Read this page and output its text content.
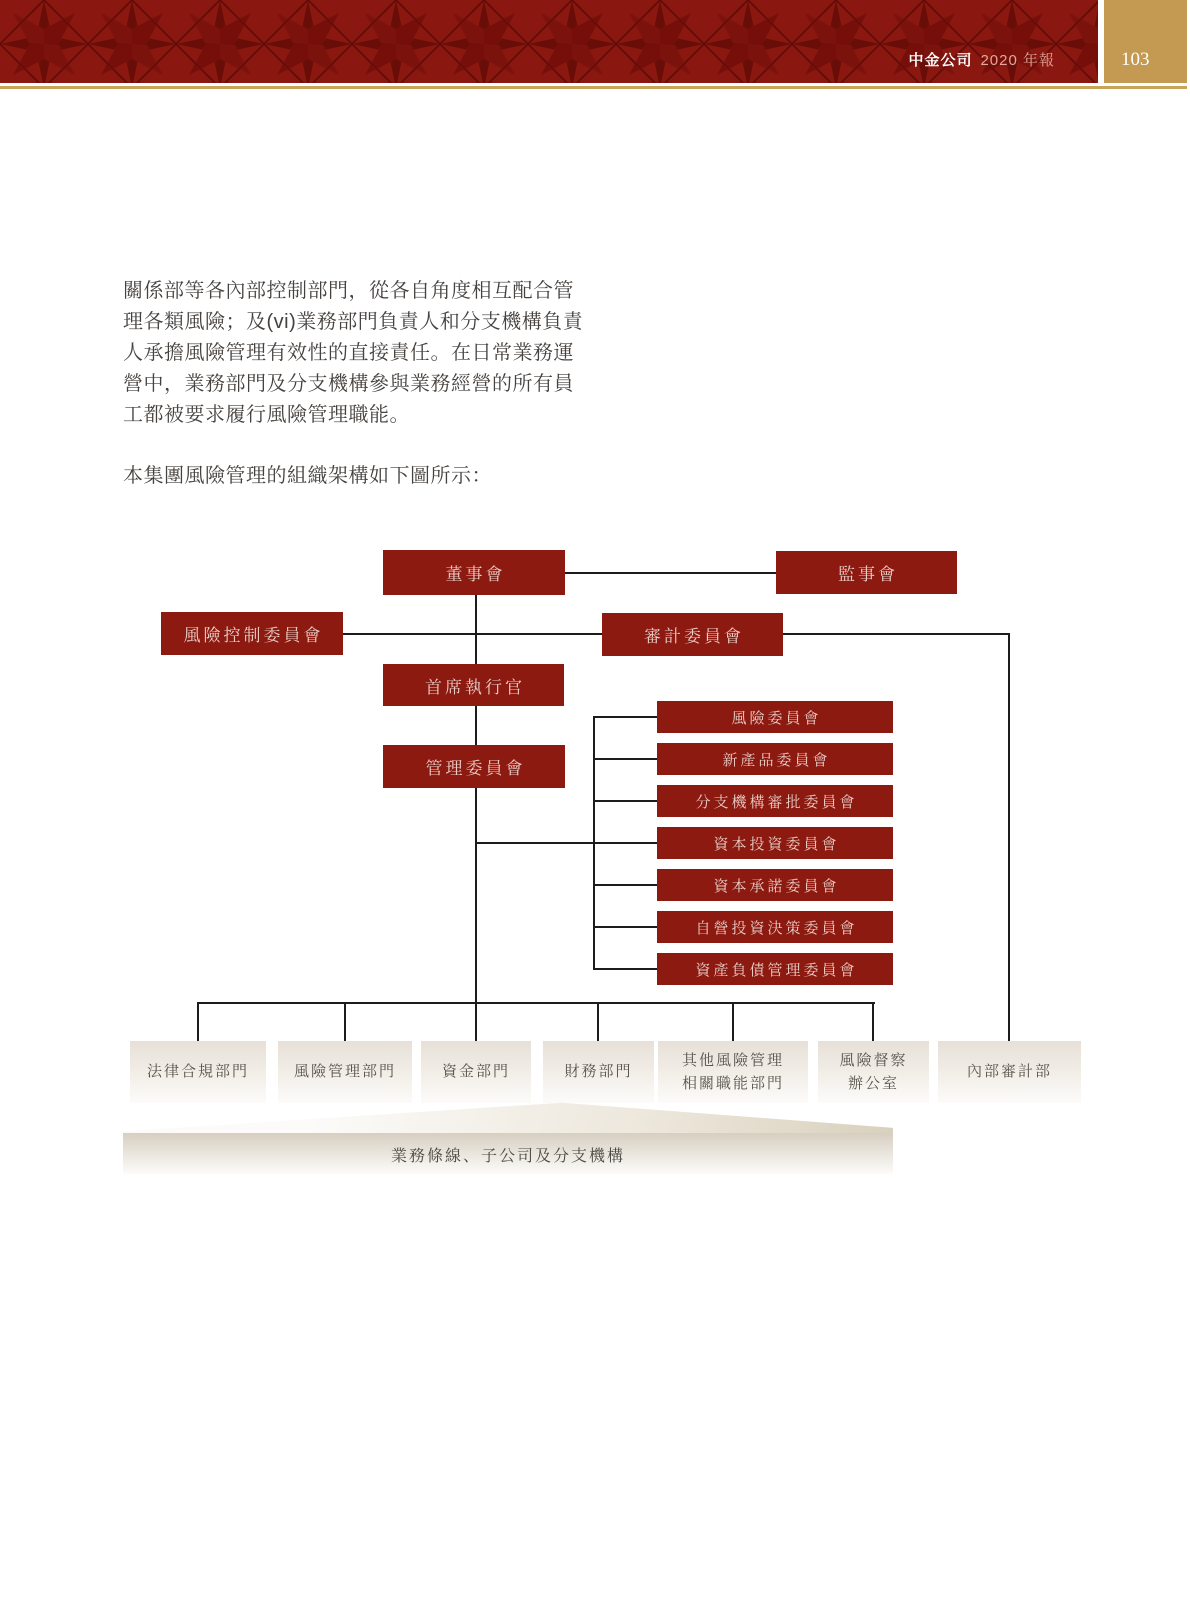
中金公司 2020 年報	103
關係部等各內部控制部門，從各自角度相互配合管
理各類風險；及(vi)業務部門負責人和分支機構負責
人承擔風險管理有效性的直接責任。在日常業務運
營中，業務部門及分支機構參與業務經營的所有員
工都被要求履行風險管理職能。
本集團風險管理的組織架構如下圖所示：
董事會	監事會
風險控制委員會	審計委員會
首席執行官
管理委員會
風險委員會
新產品委員會
分支機構審批委員會
資本投資委員會
資本承諾委員會
自營投資決策委員會
資產負債管理委員會
法律合規部門	風險管理部門	資金部門	財務部門
其他風險管理
相關職能部門
風險督察
辦公室
內部審計部
業務條線、子公司及分支機構
